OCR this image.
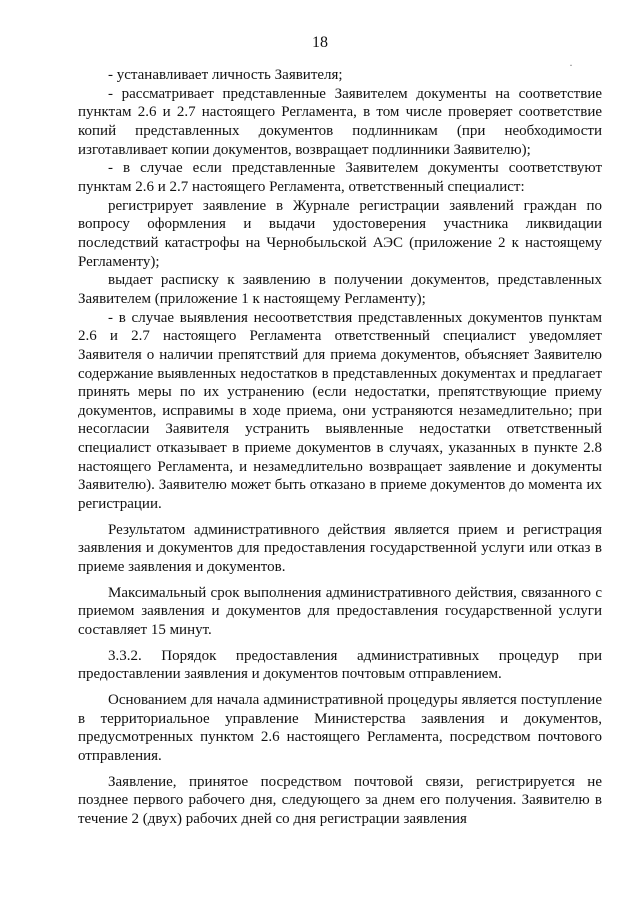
18
·

- устанавливает личность Заявителя;

- рассматривает представленные Заявителем документы на соответствие пунктам 2.6 и 2.7 настоящего Регламента, в том числе проверяет соответствие копий представленных документов подлинникам (при необходимости изготавливает копии документов, возвращает подлинники Заявителю);

- в случае если представленные Заявителем документы соответствуют пунктам 2.6 и 2.7 настоящего Регламента, ответственный специалист:

регистрирует заявление в Журнале регистрации заявлений граждан по вопросу оформления и выдачи удостоверения участника ликвидации последствий катастрофы на Чернобыльской АЭС (приложение 2 к настоящему Регламенту);

выдает расписку к заявлению в получении документов, представленных Заявителем (приложение 1 к настоящему Регламенту);

- в случае выявления несоответствия представленных документов пунктам 2.6 и 2.7 настоящего Регламента ответственный специалист уведомляет Заявителя о наличии препятствий для приема документов, объясняет Заявителю содержание выявленных недостатков в представленных документах и предлагает принять меры по их устранению (если недостатки, препятствующие приему документов, исправимы в ходе приема, они устраняются незамедлительно; при несогласии Заявителя устранить выявленные недостатки ответственный специалист отказывает в приеме документов в случаях, указанных в пункте 2.8 настоящего Регламента, и незамедлительно возвращает заявление и документы Заявителю). Заявителю может быть отказано в приеме документов до момента их регистрации.

Результатом административного действия является прием и регистрация заявления и документов для предоставления государственной услуги или отказ в приеме заявления и документов.

Максимальный срок выполнения административного действия, связанного с приемом заявления и документов для предоставления государственной услуги составляет 15 минут.

3.3.2. Порядок предоставления административных процедур при предоставлении заявления и документов почтовым отправлением.

Основанием для начала административной процедуры является поступление в территориальное управление Министерства заявления и документов, предусмотренных пунктом 2.6 настоящего Регламента, посредством почтового отправления.

Заявление, принятое посредством почтовой связи, регистрируется не позднее первого рабочего дня, следующего за днем его получения. Заявителю в течение 2 (двух) рабочих дней со дня регистрации заявления
